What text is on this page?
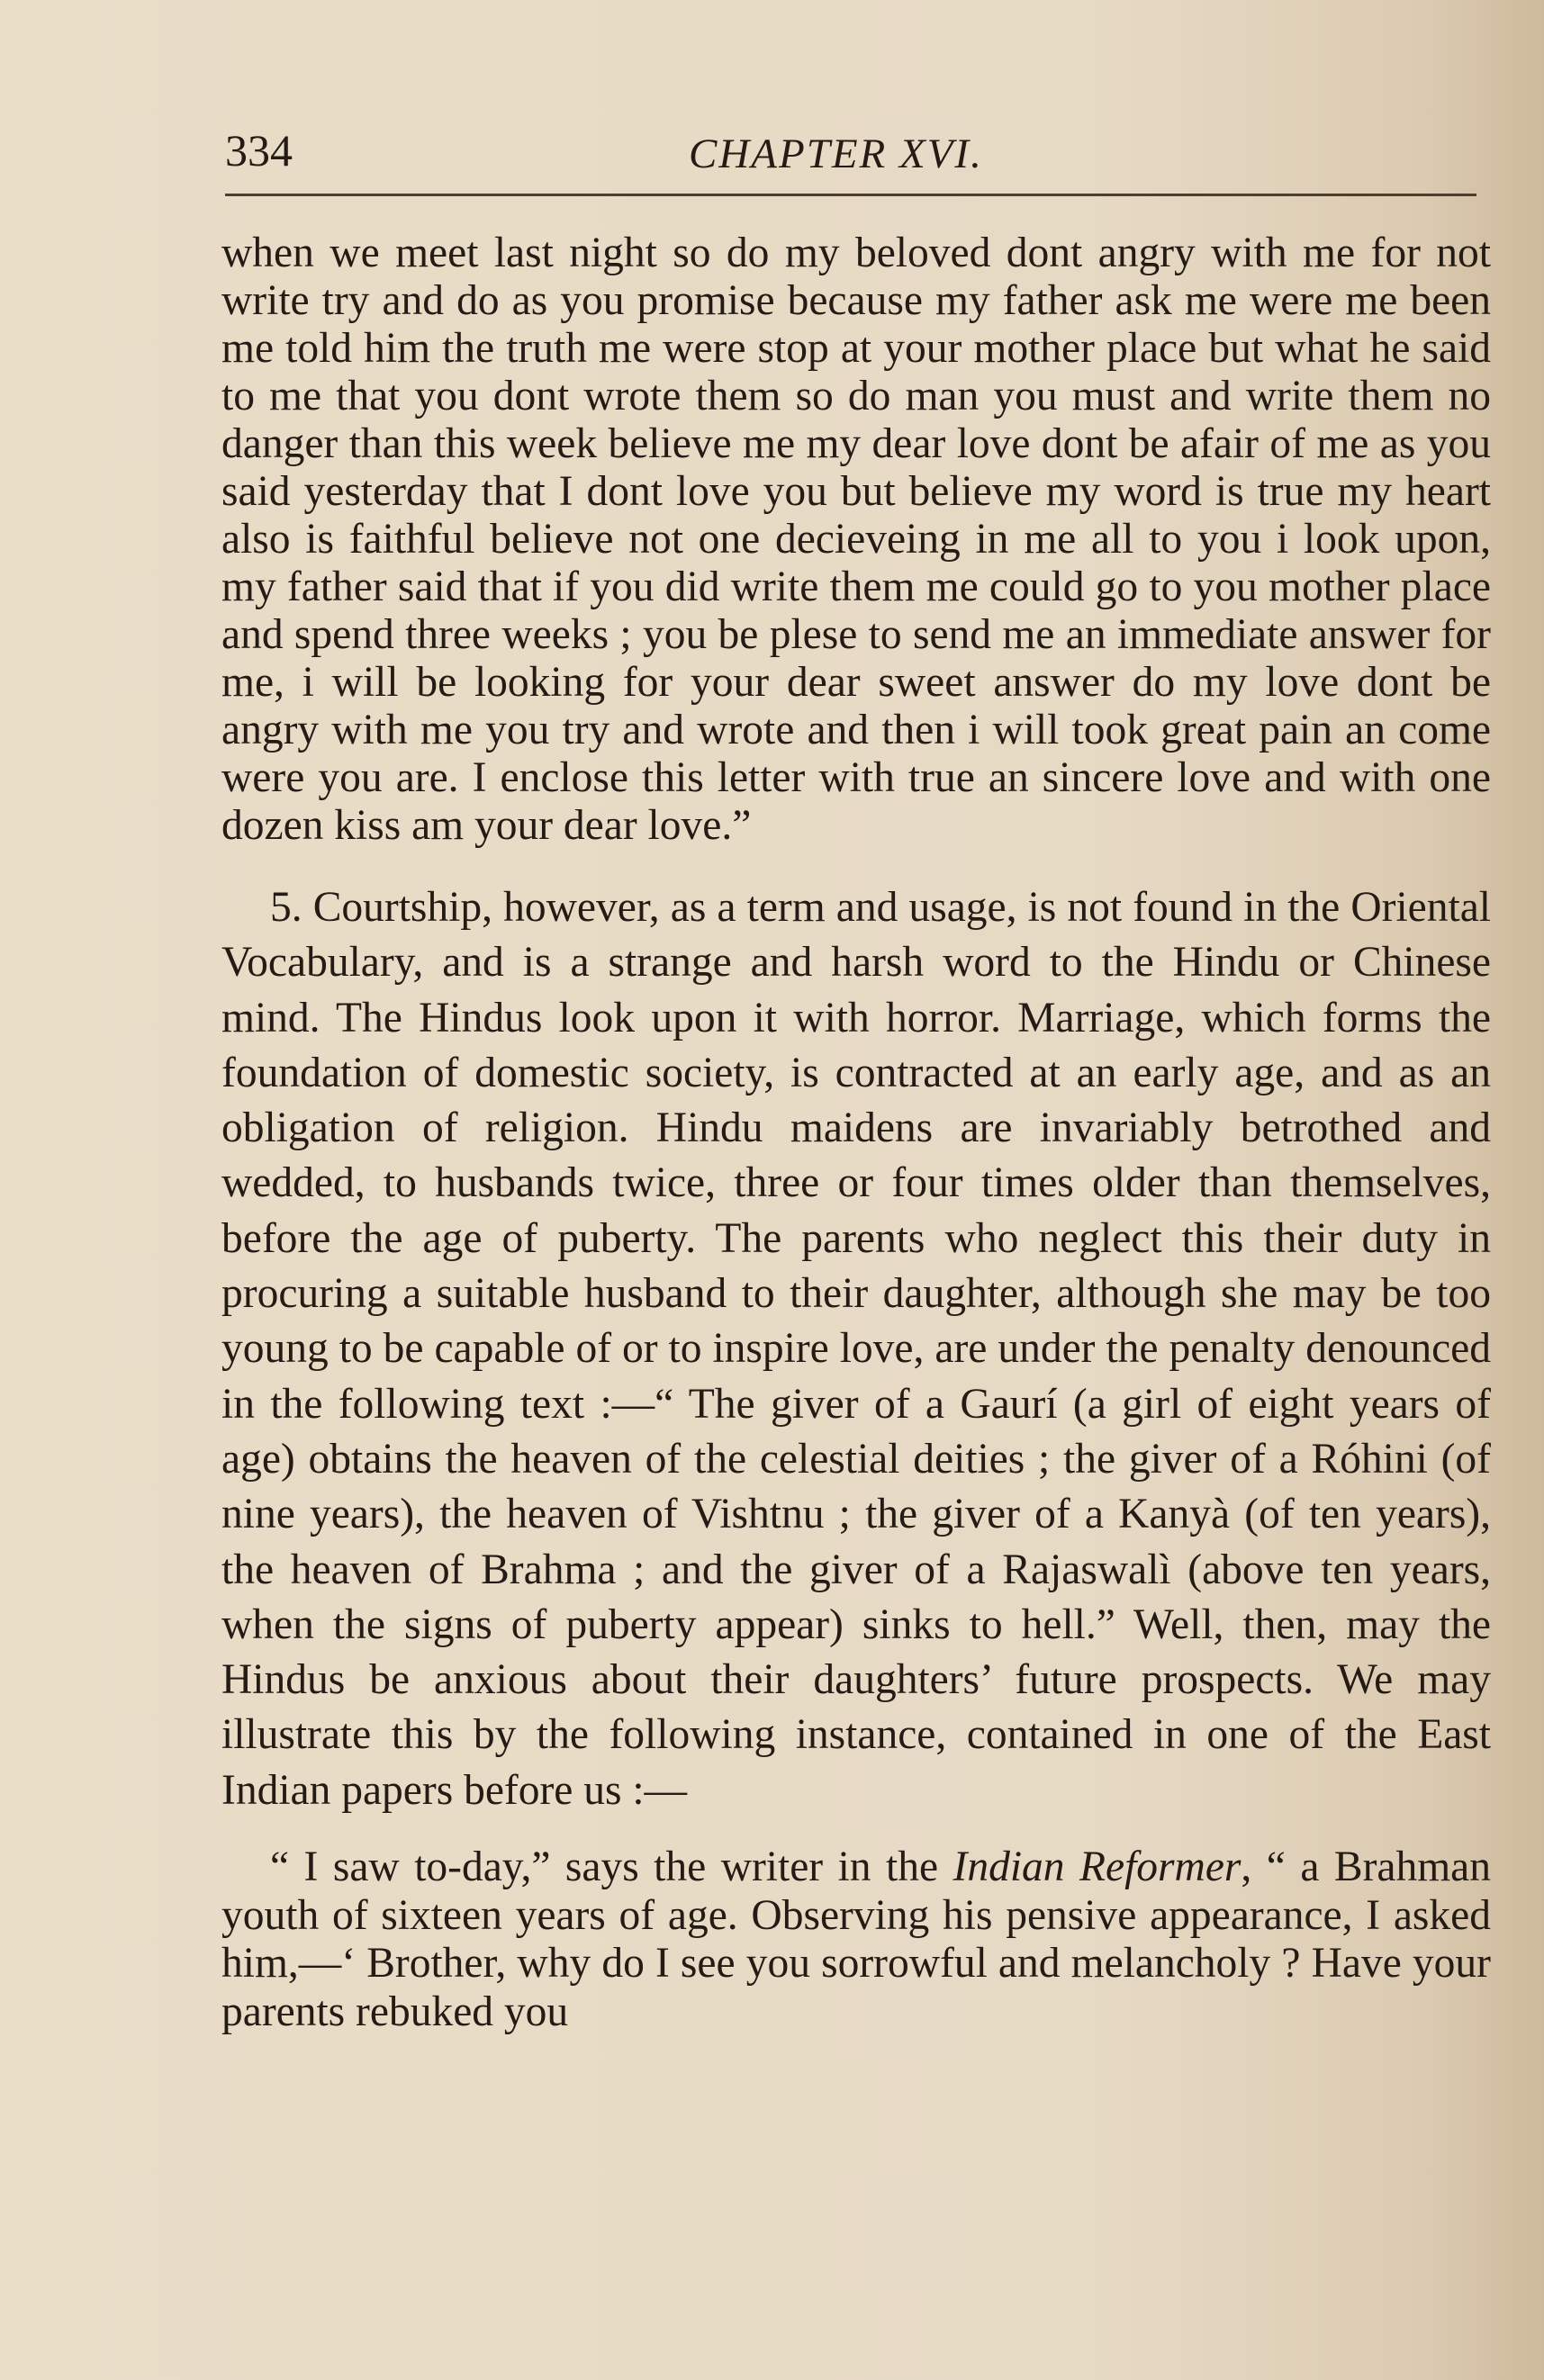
334	CHAPTER XVI.

when we meet last night so do my beloved dont angry with me for not write try and do as you promise because my father ask me were me been me told him the truth me were stop at your mother place but what he said to me that you dont wrote them so do man you must and write them no danger than this week believe me my dear love dont be afair of me as you said yesterday that I dont love you but believe my word is true my heart also is faithful believe not one decieveing in me all to you i look upon, my father said that if you did write them me could go to you mother place and spend three weeks ; you be plese to send me an immediate answer for me, i will be looking for your dear sweet answer do my love dont be angry with me you try and wrote and then i will took great pain an come were you are. I enclose this letter with true an sincere love and with one dozen kiss am your dear love.”

5. Courtship, however, as a term and usage, is not found in the Oriental Vocabulary, and is a strange and harsh word to the Hindu or Chinese mind. The Hindus look upon it with horror. Marriage, which forms the foundation of domestic society, is contracted at an early age, and as an obligation of religion. Hindu maidens are invariably betrothed and wedded, to husbands twice, three or four times older than themselves, before the age of puberty. The parents who neglect this their duty in procuring a suitable husband to their daughter, although she may be too young to be capable of or to inspire love, are under the penalty denounced in the following text :—“ The giver of a Gaurí (a girl of eight years of age) obtains the heaven of the celestial deities ; the giver of a Róhini (of nine years), the heaven of Vishtnu ; the giver of a Kanyà (of ten years), the heaven of Brahma ; and the giver of a Rajaswalì (above ten years, when the signs of puberty appear) sinks to hell.” Well, then, may the Hindus be anxious about their daughters’ future prospects. We may illustrate this by the following instance, contained in one of the East Indian papers before us :—

“ I saw to-day,” says the writer in the Indian Reformer, “ a Brahman youth of sixteen years of age. Observing his pensive appearance, I asked him,—‘ Brother, why do I see you sorrowful and melancholy ? Have your parents rebuked you
